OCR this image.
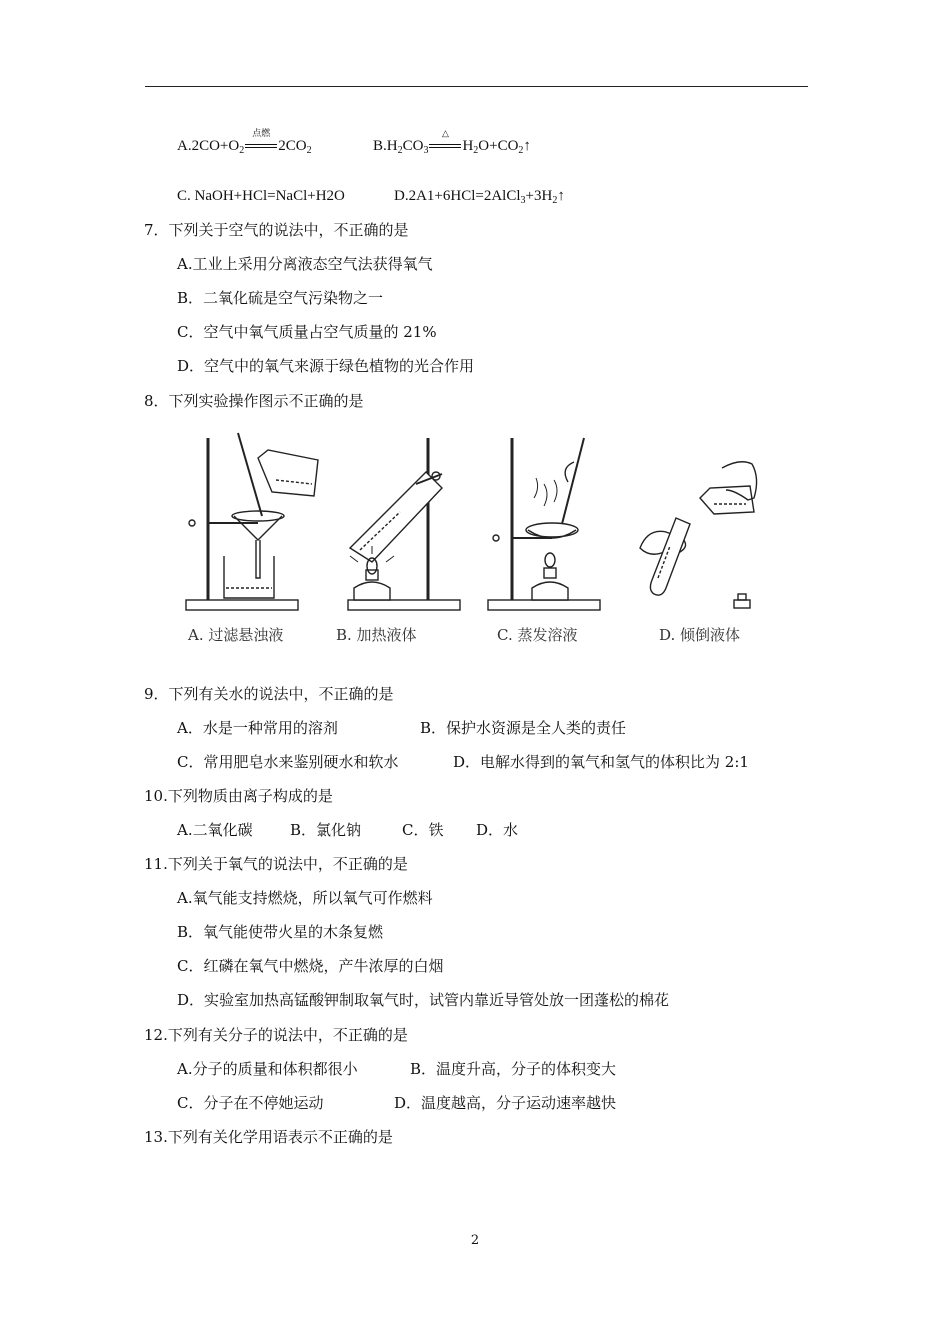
$A.2CO+O_2$
点燃
$2CO_2$	$B.H_2CO_3$
△
$H_2O+CO_2↑$
C. NaOH+HCl=NaCl+H2O	$D.2A1+6HCl=2AlCl_3+3H_2↑$
7．下列关于空气的说法中，不正确的是
A.工业上采用分离液态空气法获得氧气
B．二氧化硫是空气污染物之一
C．空气中氧气质量占空气质量的 21%
D．空气中的氧气来源于绿色植物的光合作用
8．下列实验操作图示不正确的是
A. 过滤悬浊液	B. 加热液体	C. 蒸发溶液	D. 倾倒液体
9．下列有关水的说法中，不正确的是
A．水是一种常用的溶剂	B．保护水资源是全人类的责任
C．常用肥皂水来鉴别硬水和软水	D．电解水得到的氧气和氢气的体积比为 2:1
10.下列物质由离子构成的是
A.二氧化碳 B．氯化钠	C．铁 D．水
11.下列关于氧气的说法中，不正确的是
A.氧气能支持燃烧，所以氧气可作燃料
B．氧气能使带火星的木条复燃
C．红磷在氧气中燃烧，产牛浓厚的白烟
D．实验室加热高锰酸钾制取氧气时，试管内靠近导管处放一团蓬松的棉花
12.下列有关分子的说法中，不正确的是
A.分子的质量和体积都很小	B．温度升高，分子的体积变大
C．分子在不停她运动	D．温度越高，分子运动速率越快
13.下列有关化学用语表示不正确的是
2
